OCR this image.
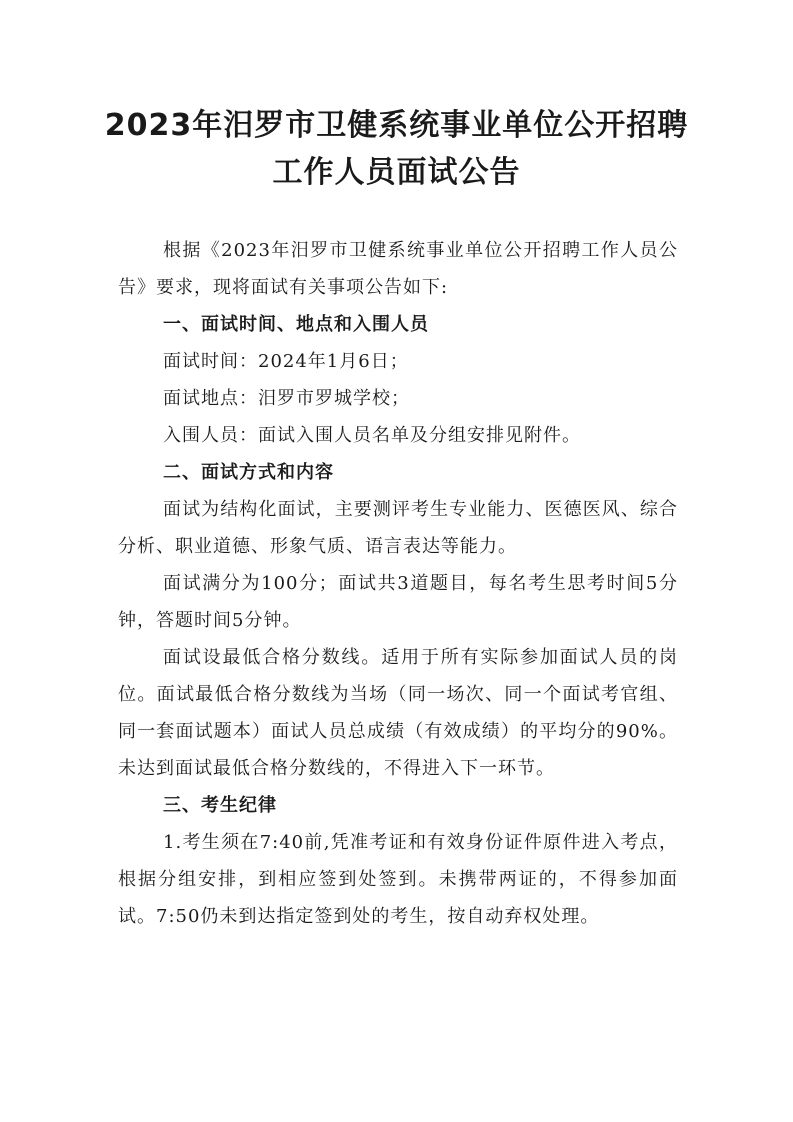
2023年汨罗市卫健系统事业单位公开招聘
工作人员面试公告

根据《2023年汨罗市卫健系统事业单位公开招聘工作人员公告》要求，现将面试有关事项公告如下:

一、面试时间、地点和入围人员

面试时间：2024年1月6日；

面试地点：汨罗市罗城学校；

入围人员：面试入围人员名单及分组安排见附件。

二、面试方式和内容

面试为结构化面试，主要测评考生专业能力、医德医风、综合分析、职业道德、形象气质、语言表达等能力。

面试满分为100分；面试共3道题目，每名考生思考时间5分钟，答题时间5分钟。

面试设最低合格分数线。适用于所有实际参加面试人员的岗位。面试最低合格分数线为当场（同一场次、同一个面试考官组、同一套面试题本）面试人员总成绩（有效成绩）的平均分的90%。未达到面试最低合格分数线的，不得进入下一环节。

三、考生纪律

1.考生须在7:40前,凭准考证和有效身份证件原件进入考点，根据分组安排，到相应签到处签到。未携带两证的，不得参加面试。7:50仍未到达指定签到处的考生，按自动弃权处理。
